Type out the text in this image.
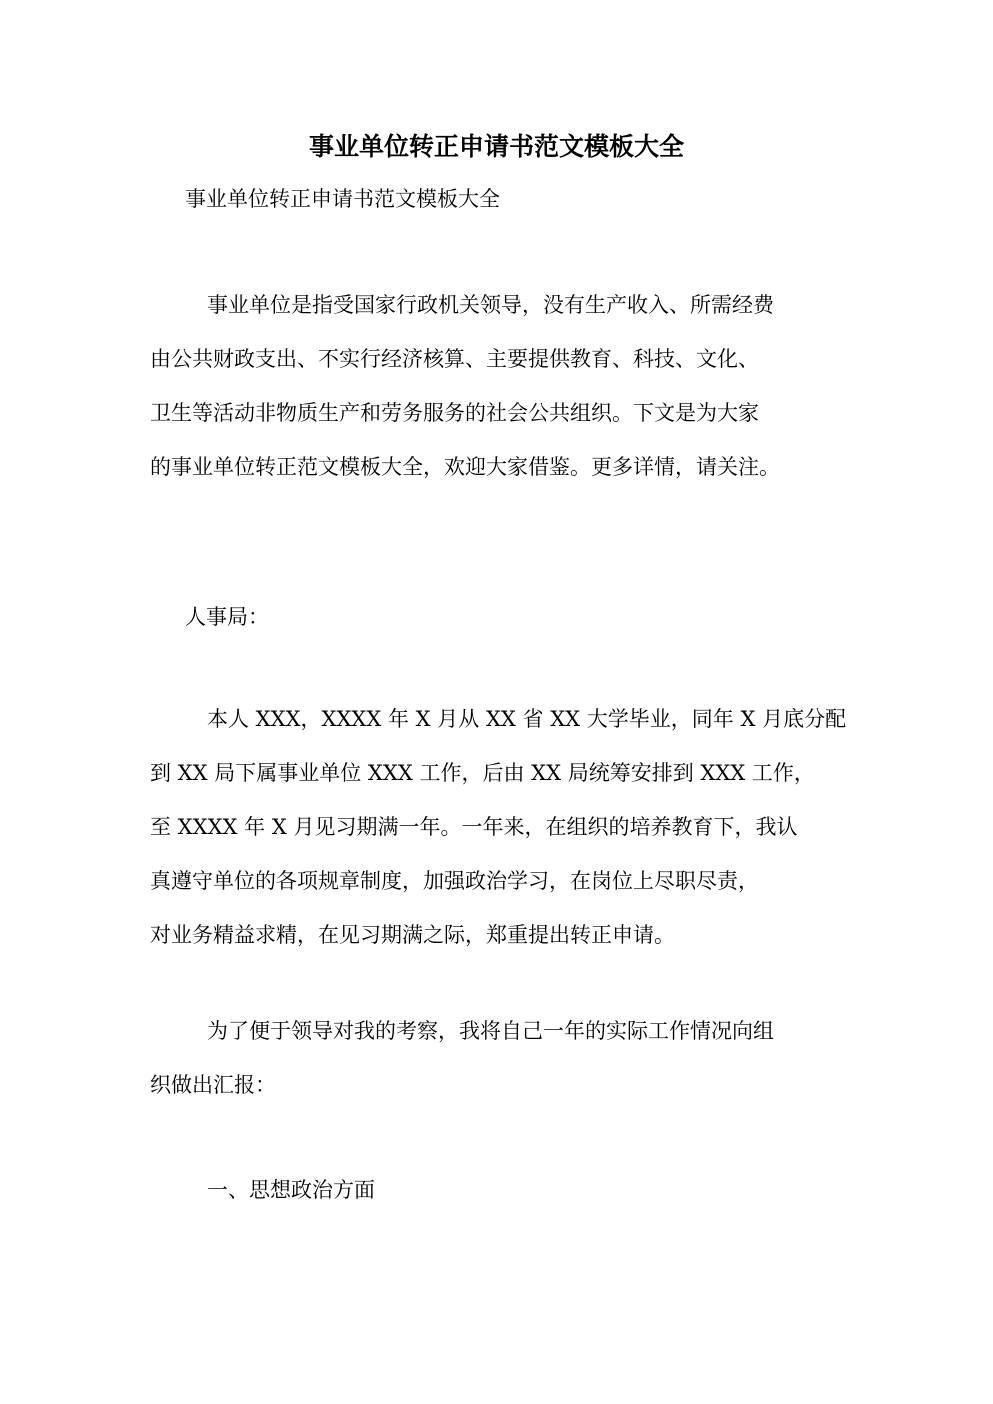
事业单位转正申请书范文模板大全

事业单位转正申请书范文模板大全

事业单位是指受国家行政机关领导，没有生产收入、所需经费
由公共财政支出、不实行经济核算、主要提供教育、科技、文化、
卫生等活动非物质生产和劳务服务的社会公共组织。下文是为大家
的事业单位转正范文模板大全，欢迎大家借鉴。更多详情，请关注。

人事局：

本人 XXX，XXXX 年 X 月从 XX 省 XX 大学毕业，同年 X 月底分配
到 XX 局下属事业单位 XXX 工作，后由 XX 局统筹安排到 XXX 工作，
至 XXXX 年 X 月见习期满一年。一年来，在组织的培养教育下，我认
真遵守单位的各项规章制度，加强政治学习，在岗位上尽职尽责，
对业务精益求精，在见习期满之际，郑重提出转正申请。

为了便于领导对我的考察，我将自己一年的实际工作情况向组
织做出汇报：

一、思想政治方面
